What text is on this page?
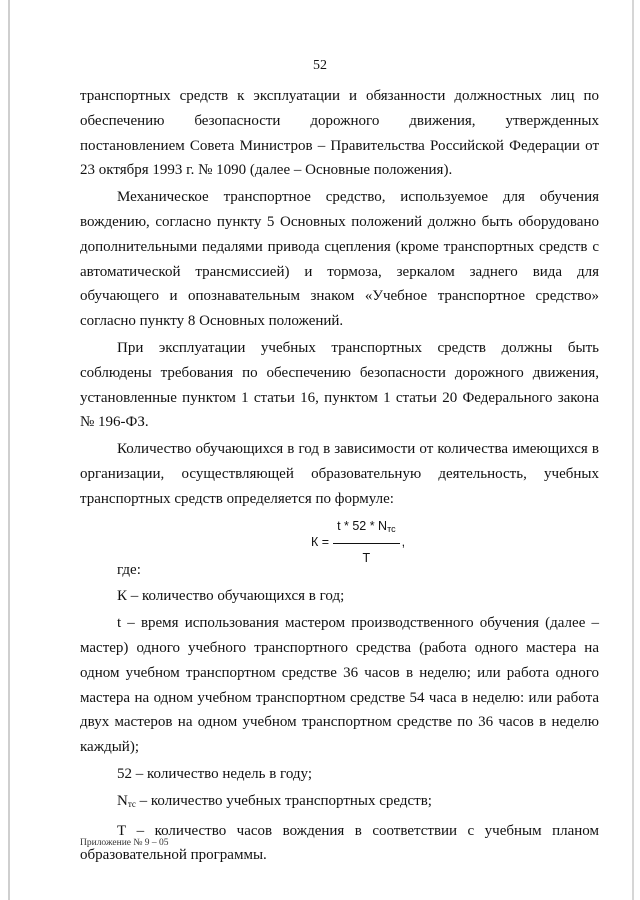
52

транспортных средств к эксплуатации и обязанности должностных лиц по обеспечению безопасности дорожного движения, утвержденных постановлением Совета Министров – Правительства Российской Федерации от 23 октября 1993 г. № 1090 (далее – Основные положения).

Механическое транспортное средство, используемое для обучения вождению, согласно пункту 5 Основных положений должно быть оборудовано дополнительными педалями привода сцепления (кроме транспортных средств с автоматической трансмиссией) и тормоза, зеркалом заднего вида для обучающего и опознавательным знаком «Учебное транспортное средство» согласно пункту 8 Основных положений.

При эксплуатации учебных транспортных средств должны быть соблюдены требования по обеспечению безопасности дорожного движения, установленные пунктом 1 статьи 16, пунктом 1 статьи 20 Федерального закона № 196-ФЗ.

Количество обучающихся в год в зависимости от количества имеющихся в организации, осуществляющей образовательную деятельность, учебных транспортных средств определяется по формуле:

$К = \frac{t * 52 * N_{тс}}{Т}$ ,

где:

К – количество обучающихся в год;

t – время использования мастером производственного обучения (далее – мастер) одного учебного транспортного средства (работа одного мастера на одном учебном транспортном средстве 36 часов в неделю; или работа одного мастера на одном учебном транспортном средстве 54 часа в неделю: или работа двух мастеров на одном учебном транспортном средстве по 36 часов в неделю каждый);

52 – количество недель в году;

$N_{тс}$ – количество учебных транспортных средств;

Т – количество часов вождения в соответствии с учебным планом образовательной программы.

Приложение № 9 – 05
